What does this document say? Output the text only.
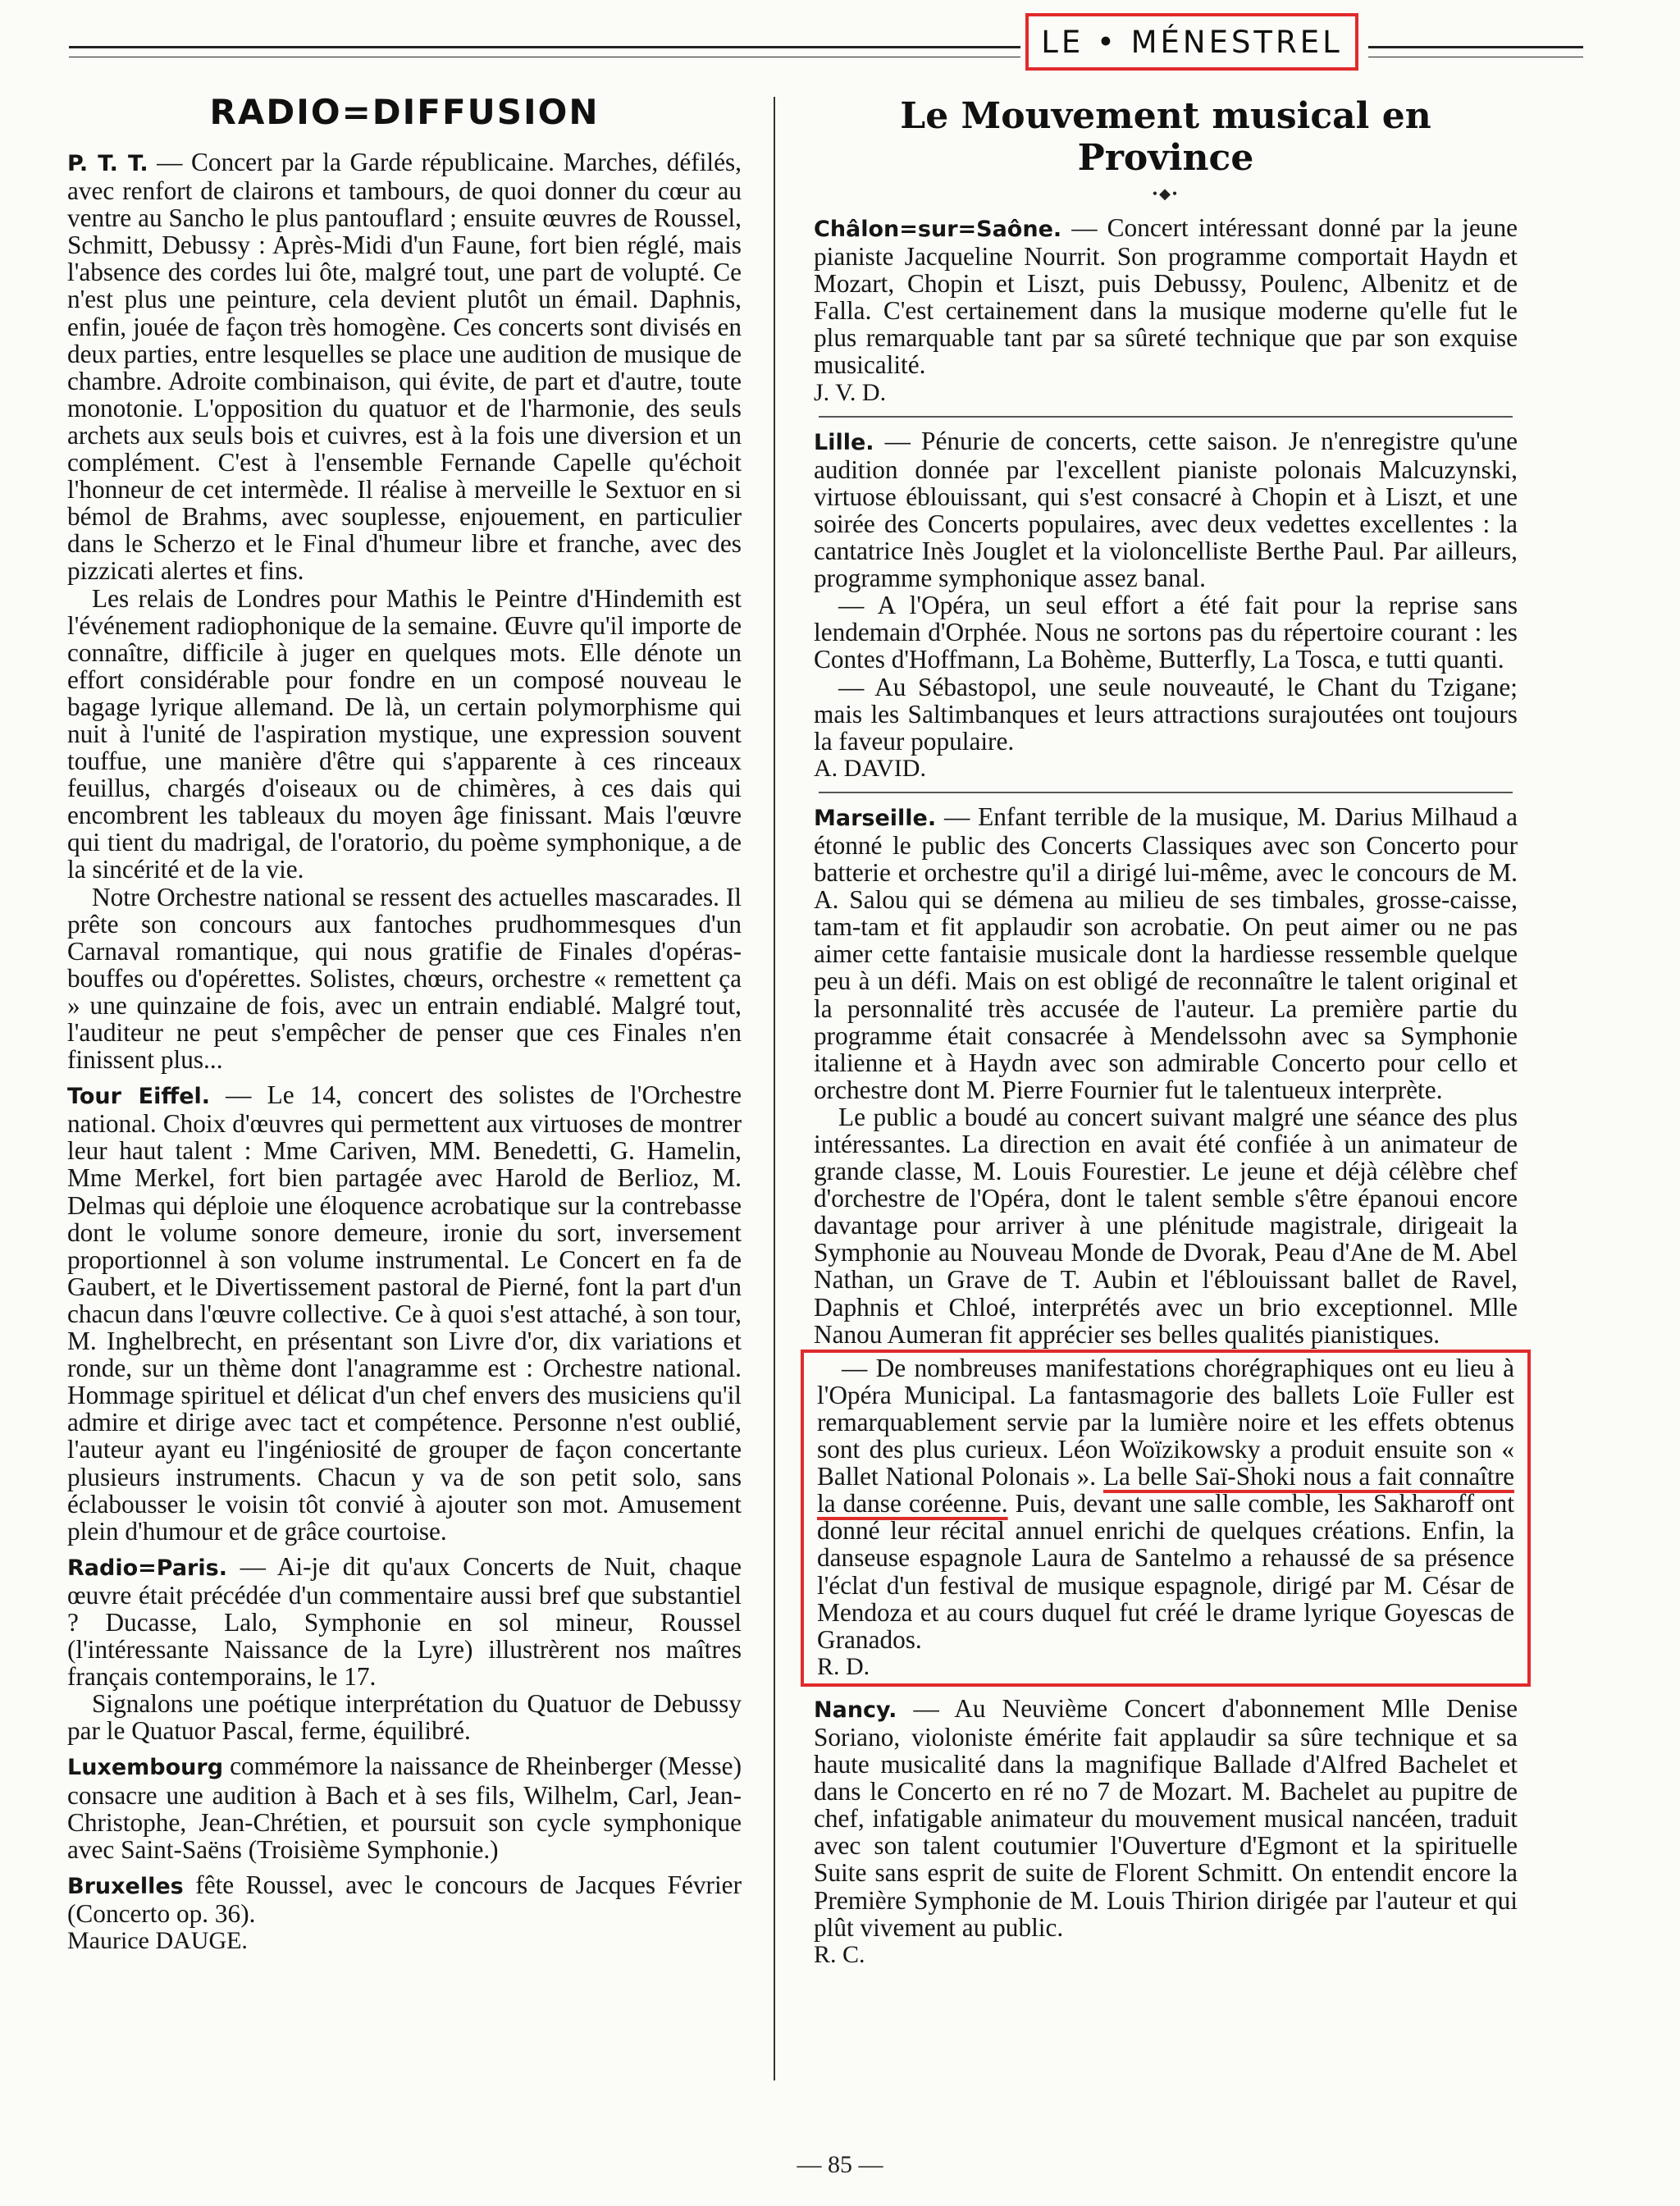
LE • MÉNESTREL
RADIO=DIFFUSION

P. T. T. — Concert par la Garde républicaine. Marches, défilés, avec renfort de clairons et tambours, de quoi donner du cœur au ventre au Sancho le plus pantouflard ; ensuite œuvres de Roussel, Schmitt, Debussy : Après-Midi d'un Faune, fort bien réglé, mais l'absence des cordes lui ôte, malgré tout, une part de volupté. Ce n'est plus une peinture, cela devient plutôt un émail. Daphnis, enfin, jouée de façon très homogène. Ces concerts sont divisés en deux parties, entre lesquelles se place une audition de musique de chambre. Adroite combinaison, qui évite, de part et d'autre, toute monotonie. L'opposition du quatuor et de l'harmonie, des seuls archets aux seuls bois et cuivres, est à la fois une diversion et un complément. C'est à l'ensemble Fernande Capelle qu'échoit l'honneur de cet intermède. Il réalise à merveille le Sextuor en si bémol de Brahms, avec souplesse, enjouement, en particulier dans le Scherzo et le Final d'humeur libre et franche, avec des pizzicati alertes et fins.

Les relais de Londres pour Mathis le Peintre d'Hindemith est l'événement radiophonique de la semaine. Œuvre qu'il importe de connaître, difficile à juger en quelques mots. Elle dénote un effort considérable pour fondre en un composé nouveau le bagage lyrique allemand. De là, un certain polymorphisme qui nuit à l'unité de l'aspiration mystique, une expression souvent touffue, une manière d'être qui s'apparente à ces rinceaux feuillus, chargés d'oiseaux ou de chimères, à ces dais qui encombrent les tableaux du moyen âge finissant. Mais l'œuvre qui tient du madrigal, de l'oratorio, du poème symphonique, a de la sincérité et de la vie.

Notre Orchestre national se ressent des actuelles mascarades. Il prête son concours aux fantoches prudhommesques d'un Carnaval romantique, qui nous gratifie de Finales d'opéras-bouffes ou d'opérettes. Solistes, chœurs, orchestre « remettent ça » une quinzaine de fois, avec un entrain endiablé. Malgré tout, l'auditeur ne peut s'empêcher de penser que ces Finales n'en finissent plus...

Tour Eiffel. — Le 14, concert des solistes de l'Orchestre national. Choix d'œuvres qui permettent aux virtuoses de montrer leur haut talent : Mme Cariven, MM. Benedetti, G. Hamelin, Mme Merkel, fort bien partagée avec Harold de Berlioz, M. Delmas qui déploie une éloquence acrobatique sur la contrebasse dont le volume sonore demeure, ironie du sort, inversement proportionnel à son volume instrumental. Le Concert en fa de Gaubert, et le Divertissement pastoral de Pierné, font la part d'un chacun dans l'œuvre collective. Ce à quoi s'est attaché, à son tour, M. Inghelbrecht, en présentant son Livre d'or, dix variations et ronde, sur un thème dont l'anagramme est : Orchestre national. Hommage spirituel et délicat d'un chef envers des musiciens qu'il admire et dirige avec tact et compétence. Personne n'est oublié, l'auteur ayant eu l'ingéniosité de grouper de façon concertante plusieurs instruments. Chacun y va de son petit solo, sans éclabousser le voisin tôt convié à ajouter son mot. Amusement plein d'humour et de grâce courtoise.

Radio=Paris. — Ai-je dit qu'aux Concerts de Nuit, chaque œuvre était précédée d'un commentaire aussi bref que substantiel ? Ducasse, Lalo, Symphonie en sol mineur, Roussel (l'intéressante Naissance de la Lyre) illustrèrent nos maîtres français contemporains, le 17.

Signalons une poétique interprétation du Quatuor de Debussy par le Quatuor Pascal, ferme, équilibré.

Luxembourg commémore la naissance de Rheinberger (Messe) consacre une audition à Bach et à ses fils, Wilhelm, Carl, Jean-Christophe, Jean-Chrétien, et poursuit son cycle symphonique avec Saint-Saëns (Troisième Symphonie.)

Bruxelles fête Roussel, avec le concours de Jacques Février (Concerto op. 36).

Maurice DAUGE.

Le Mouvement musical en Province
•◆•

Châlon=sur=Saône. — Concert intéressant donné par la jeune pianiste Jacqueline Nourrit. Son programme comportait Haydn et Mozart, Chopin et Liszt, puis Debussy, Poulenc, Albenitz et de Falla. C'est certainement dans la musique moderne qu'elle fut le plus remarquable tant par sa sûreté technique que par son exquise musicalité.

J. V. D.

Lille. — Pénurie de concerts, cette saison. Je n'enregistre qu'une audition donnée par l'excellent pianiste polonais Malcuzynski, virtuose éblouissant, qui s'est consacré à Chopin et à Liszt, et une soirée des Concerts populaires, avec deux vedettes excellentes : la cantatrice Inès Jouglet et la violoncelliste Berthe Paul. Par ailleurs, programme symphonique assez banal.

— A l'Opéra, un seul effort a été fait pour la reprise sans lendemain d'Orphée. Nous ne sortons pas du répertoire courant : les Contes d'Hoffmann, La Bohème, Butterfly, La Tosca, e tutti quanti.

— Au Sébastopol, une seule nouveauté, le Chant du Tzigane; mais les Saltimbanques et leurs attractions surajoutées ont toujours la faveur populaire.

A. DAVID.

Marseille. — Enfant terrible de la musique, M. Darius Milhaud a étonné le public des Concerts Classiques avec son Concerto pour batterie et orchestre qu'il a dirigé lui-même, avec le concours de M. A. Salou qui se démena au milieu de ses timbales, grosse-caisse, tam-tam et fit applaudir son acrobatie. On peut aimer ou ne pas aimer cette fantaisie musicale dont la hardiesse ressemble quelque peu à un défi. Mais on est obligé de reconnaître le talent original et la personnalité très accusée de l'auteur. La première partie du programme était consacrée à Mendelssohn avec sa Symphonie italienne et à Haydn avec son admirable Concerto pour cello et orchestre dont M. Pierre Fournier fut le talentueux interprète.

Le public a boudé au concert suivant malgré une séance des plus intéressantes. La direction en avait été confiée à un animateur de grande classe, M. Louis Fourestier. Le jeune et déjà célèbre chef d'orchestre de l'Opéra, dont le talent semble s'être épanoui encore davantage pour arriver à une plénitude magistrale, dirigeait la Symphonie au Nouveau Monde de Dvorak, Peau d'Ane de M. Abel Nathan, un Grave de T. Aubin et l'éblouissant ballet de Ravel, Daphnis et Chloé, interprétés avec un brio exceptionnel. Mlle Nanou Aumeran fit apprécier ses belles qualités pianistiques.

— De nombreuses manifestations chorégraphiques ont eu lieu à l'Opéra Municipal. La fantasmagorie des ballets Loïe Fuller est remarquablement servie par la lumière noire et les effets obtenus sont des plus curieux. Léon Woïzikowsky a produit ensuite son « Ballet National Polonais ». La belle Saï-Shoki nous a fait connaître la danse coréenne. Puis, devant une salle comble, les Sakharoff ont donné leur récital annuel enrichi de quelques créations. Enfin, la danseuse espagnole Laura de Santelmo a rehaussé de sa présence l'éclat d'un festival de musique espagnole, dirigé par M. César de Mendoza et au cours duquel fut créé le drame lyrique Goyescas de Granados.

R. D.

Nancy. — Au Neuvième Concert d'abonnement Mlle Denise Soriano, violoniste émérite fait applaudir sa sûre technique et sa haute musicalité dans la magnifique Ballade d'Alfred Bachelet et dans le Concerto en ré no 7 de Mozart. M. Bachelet au pupitre de chef, infatigable animateur du mouvement musical nancéen, traduit avec son talent coutumier l'Ouverture d'Egmont et la spirituelle Suite sans esprit de suite de Florent Schmitt. On entendit encore la Première Symphonie de M. Louis Thirion dirigée par l'auteur et qui plût vivement au public.

R. C.

— 85 —
